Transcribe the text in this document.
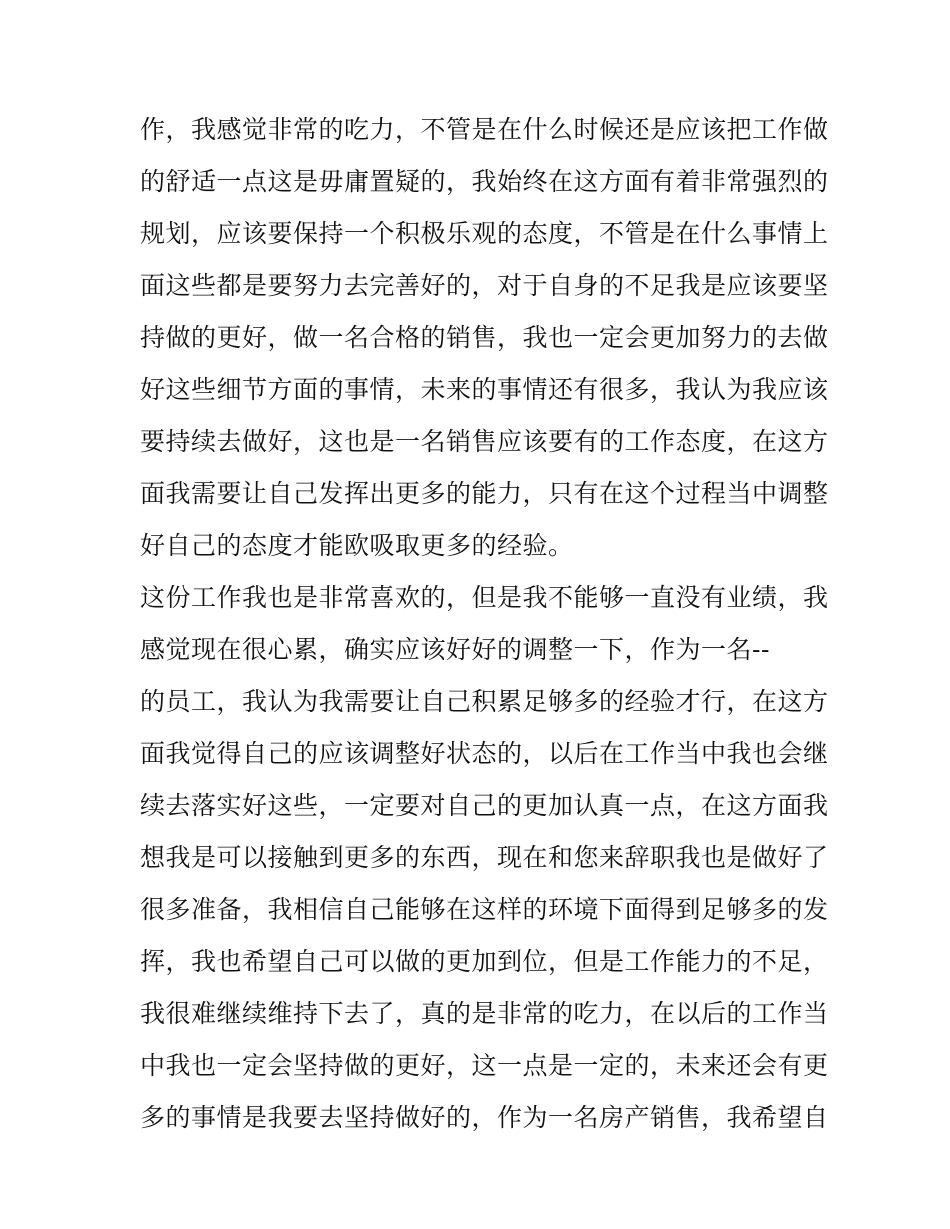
作，我感觉非常的吃力，不管是在什么时候还是应该把工作做
的舒适一点这是毋庸置疑的，我始终在这方面有着非常强烈的
规划，应该要保持一个积极乐观的态度，不管是在什么事情上
面这些都是要努力去完善好的，对于自身的不足我是应该要坚
持做的更好，做一名合格的销售，我也一定会更加努力的去做
好这些细节方面的事情，未来的事情还有很多，我认为我应该
要持续去做好，这也是一名销售应该要有的工作态度，在这方
面我需要让自己发挥出更多的能力，只有在这个过程当中调整
好自己的态度才能欧吸取更多的经验。
这份工作我也是非常喜欢的，但是我不能够一直没有业绩，我
感觉现在很心累，确实应该好好的调整一下，作为一名--
的员工，我认为我需要让自己积累足够多的经验才行，在这方
面我觉得自己的应该调整好状态的，以后在工作当中我也会继
续去落实好这些，一定要对自己的更加认真一点，在这方面我
想我是可以接触到更多的东西，现在和您来辞职我也是做好了
很多准备，我相信自己能够在这样的环境下面得到足够多的发
挥，我也希望自己可以做的更加到位，但是工作能力的不足，
我很难继续维持下去了，真的是非常的吃力，在以后的工作当
中我也一定会坚持做的更好，这一点是一定的，未来还会有更
多的事情是我要去坚持做好的，作为一名房产销售，我希望自
